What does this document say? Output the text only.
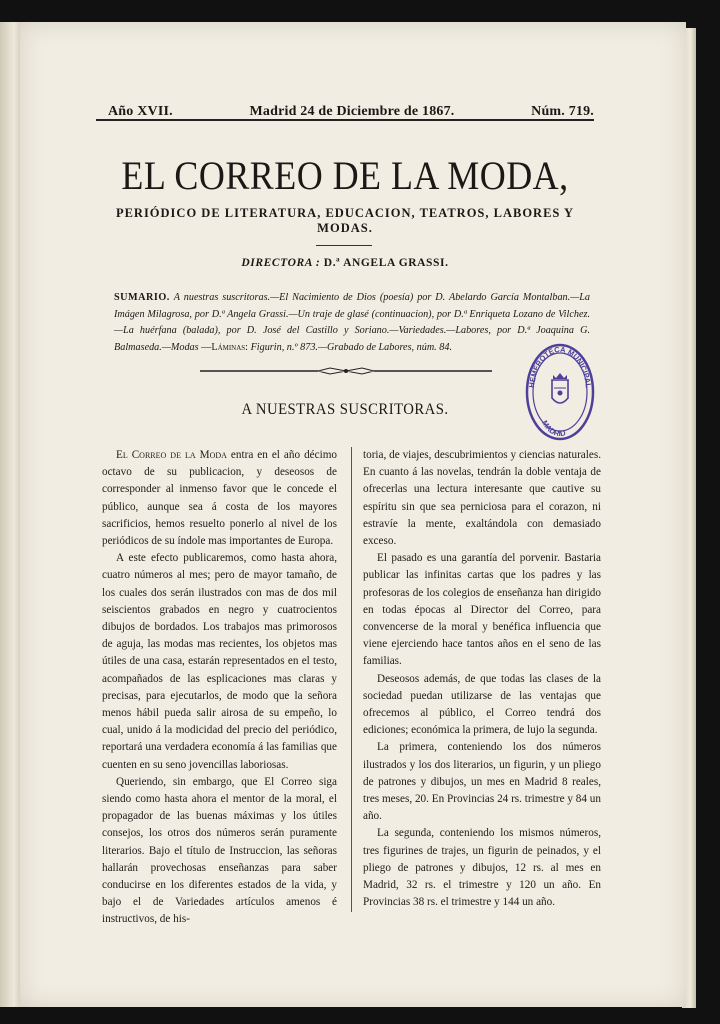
Año XVII.	Madrid 24 de Diciembre de 1867.	Núm. 719.
EL CORREO DE LA MODA,
PERIÓDICO DE LITERATURA, EDUCACION, TEATROS, LABORES Y MODAS.
DIRECTORA : D.ª ANGELA GRASSI.
SUMARIO. A nuestras suscritoras.—El Nacimiento de Dios (poesía) por D. Abelardo García Montalban.—La Imágen Milagrosa, por D.ª Angela Grassi.—Un traje de glasé (continuacion), por D.ª Enriqueta Lozano de Vilchez.—La huérfana (balada), por D. José del Castillo y Soriano.—Variedades.—Labores, por D.ª Joaquina G. Balmaseda.—Modas —Láminas: Figurin, n.º 873.—Grabado de Labores, núm. 84.
HEMEROTECA MUNICIPAL
MADRID
A NUESTRAS SUSCRITORAS.

El Correo de la Moda entra en el año décimo octavo de su publicacion, y deseosos de corresponder al inmenso favor que le concede el público, aunque sea á costa de los mayores sacrificios, hemos resuelto ponerlo al nivel de los periódicos de su índole mas importantes de Europa.

A este efecto publicaremos, como hasta ahora, cuatro números al mes; pero de mayor tamaño, de los cuales dos serán ilustrados con mas de dos mil seiscientos grabados en negro y cuatrocientos dibujos de bordados. Los trabajos mas primorosos de aguja, las modas mas recientes, los objetos mas útiles de una casa, estarán representados en el testo, acompañados de las esplicaciones mas claras y precisas, para ejecutarlos, de modo que la señora menos hábil pueda salir airosa de su empeño, lo cual, unido á la modicidad del precio del periódico, reportará una verdadera economía á las familias que cuenten en su seno jovencillas laboriosas.

Queriendo, sin embargo, que El Correo siga siendo como hasta ahora el mentor de la moral, el propagador de las buenas máximas y los útiles consejos, los otros dos números serán puramente literarios. Bajo el título de Instruccion, las señoras hallarán provechosas enseñanzas para saber conducirse en los diferentes estados de la vida, y bajo el de Variedades artículos amenos é instructivos, de his-

toria, de viajes, descubrimientos y ciencias naturales. En cuanto á las novelas, tendrán la doble ventaja de ofrecerlas una lectura interesante que cautive su espíritu sin que sea perniciosa para el corazon, ni estravíe la mente, exaltándola con demasiado exceso.

El pasado es una garantía del porvenir. Bastaria publicar las infinitas cartas que los padres y las profesoras de los colegios de enseñanza han dirigido en todas épocas al Director del Correo, para convencerse de la moral y benéfica influencia que viene ejerciendo hace tantos años en el seno de las familias.

Deseosos además, de que todas las clases de la sociedad puedan utilizarse de las ventajas que ofrecemos al público, el Correo tendrá dos ediciones; económica la primera, de lujo la segunda.

La primera, conteniendo los dos números ilustrados y los dos literarios, un figurin, y un pliego de patrones y dibujos, un mes en Madrid 8 reales, tres meses, 20. En Provincias 24 rs. trimestre y 84 un año.

La segunda, conteniendo los mismos números, tres figurines de trajes, un figurin de peinados, y el pliego de patrones y dibujos, 12 rs. al mes en Madrid, 32 rs. el trimestre y 120 un año. En Provincias 38 rs. el trimestre y 144 un año.
